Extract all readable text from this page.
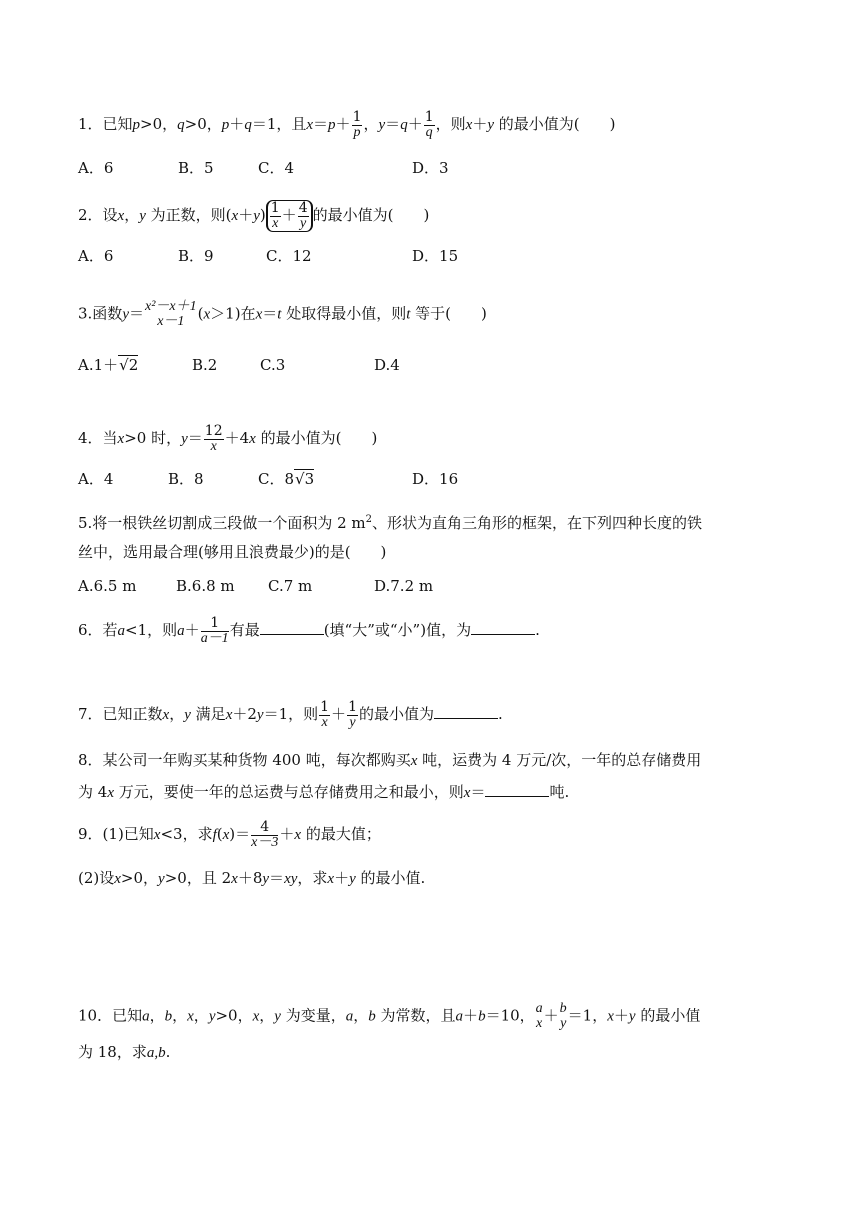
1．已知p>0，q>0，p＋q＝1，且$x=p+ \frac{1}{p}$ ，$y=q+ \frac{1}{q}$ ，则x＋y 的最小值为(　　)
A．6	B．5	C．4	D．3
2．设x，y 为正数，则$(x+y) \frac{1}{x} + \frac{4}{y}$ 的最小值为(　　)
A．6	B．9	C．12	D．15
3.函数y＝ x²－x＋1
x－1 (x＞1)在x＝t 处取得最小值，则t 等于(　　)
A.1＋√2	B.2	C.3	D.4
4．当x>0 时，$y= \frac{12}{x} +4x$ 的最小值为(　　)
A．4	B．8	C．8√3	D．16
5.将一根铁丝切割成三段做一个面积为 2 $m^2$、形状为直角三角形的框架，在下列四种长度的铁
丝中，选用最合理(够用且浪费最少)的是(　　)
A.6.5 m	B.6.8 m C.7 m	D.7.2 m
6．若a<1，则$a+ \frac{1}{a-1}$ 有最	(填“大”或“小”)值，为	.
7．已知正数x，y 满足x＋2y＝1，则 $\frac{1}{x} + \frac{1}{y}$ 的最小值为	.
8．某公司一年购买某种货物 400 吨，每次都购买x 吨，运费为 4 万元/次，一年的总存储费用
为 4x 万元，要使一年的总运费与总存储费用之和最小，则x＝	吨.
9．(1)已知x<3，求$f(x)= \frac{4}{x-3} +x$ 的最大值；
(2)设x>0，y>0，且 2x＋8y＝xy，求x＋y 的最小值.
10．已知a，b，x，y>0，x，y 为变量，a，b 为常数，且a＋b＝10， a
x ＋ b
y ＝1，x＋y 的最小值
为 18，求a,b.
